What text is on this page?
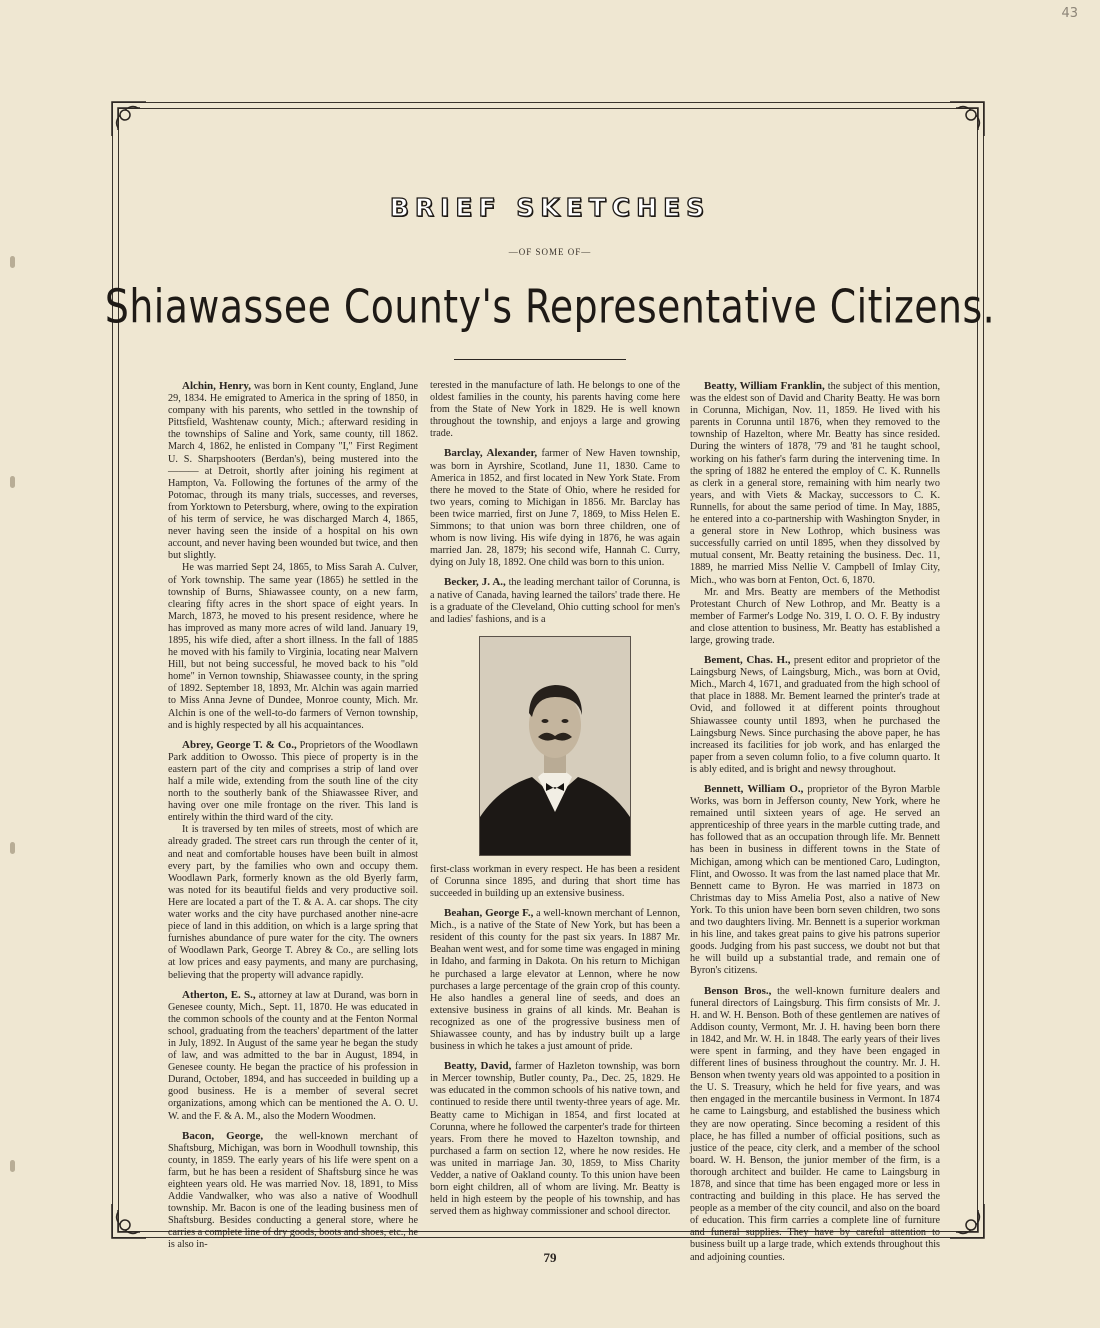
43
BRIEF SKETCHES
—OF SOME OF—
Shiawassee County's Representative Citizens.

Alchin, Henry, was born in Kent county, England, June 29, 1834. He emigrated to America in the spring of 1850, in company with his parents, who settled in the township of Pittsfield, Washtenaw county, Mich.; afterward residing in the townships of Saline and York, same county, till 1862. March 4, 1862, he enlisted in Company "I," First Regiment U. S. Sharpshooters (Berdan's), being mustered into the ——— at Detroit, shortly after joining his regiment at Hampton, Va. Following the fortunes of the army of the Potomac, through its many trials, successes, and reverses, from Yorktown to Petersburg, where, owing to the expiration of his term of service, he was discharged March 4, 1865, never having seen the inside of a hospital on his own account, and never having been wounded but twice, and then but slightly.

He was married Sept 24, 1865, to Miss Sarah A. Culver, of York township. The same year (1865) he settled in the township of Burns, Shiawassee county, on a new farm, clearing fifty acres in the short space of eight years. In March, 1873, he moved to his present residence, where he has improved as many more acres of wild land. January 19, 1895, his wife died, after a short illness. In the fall of 1885 he moved with his family to Virginia, locating near Malvern Hill, but not being successful, he moved back to his "old home" in Vernon township, Shiawassee county, in the spring of 1892. September 18, 1893, Mr. Alchin was again married to Miss Anna Jevne of Dundee, Monroe county, Mich. Mr. Alchin is one of the well-to-do farmers of Vernon township, and is highly respected by all his acquaintances.

Abrey, George T. & Co., Proprietors of the Woodlawn Park addition to Owosso. This piece of property is in the eastern part of the city and comprises a strip of land over half a mile wide, extending from the south line of the city north to the southerly bank of the Shiawassee River, and having over one mile frontage on the river. This land is entirely within the third ward of the city.

It is traversed by ten miles of streets, most of which are already graded. The street cars run through the center of it, and neat and comfortable houses have been built in almost every part, by the families who own and occupy them. Woodlawn Park, formerly known as the old Byerly farm, was noted for its beautiful fields and very productive soil. Here are located a part of the T. & A. A. car shops. The city water works and the city have purchased another nine-acre piece of land in this addition, on which is a large spring that furnishes abundance of pure water for the city. The owners of Woodlawn Park, George T. Abrey & Co., are selling lots at low prices and easy payments, and many are purchasing, believing that the property will advance rapidly.

Atherton, E. S., attorney at law at Durand, was born in Genesee county, Mich., Sept. 11, 1870. He was educated in the common schools of the county and at the Fenton Normal school, graduating from the teachers' department of the latter in July, 1892. In August of the same year he began the study of law, and was admitted to the bar in August, 1894, in Genesee county. He began the practice of his profession in Durand, October, 1894, and has succeeded in building up a good business. He is a member of several secret organizations, among which can be mentioned the A. O. U. W. and the F. & A. M., also the Modern Woodmen.

Bacon, George, the well-known merchant of Shaftsburg, Michigan, was born in Woodhull township, this county, in 1859. The early years of his life were spent on a farm, but he has been a resident of Shaftsburg since he was eighteen years old. He was married Nov. 18, 1891, to Miss Addie Vandwalker, who was also a native of Woodhull township. Mr. Bacon is one of the leading business men of Shaftsburg. Besides conducting a general store, where he carries a complete line of dry goods, boots and shoes, etc., he is also in-

terested in the manufacture of lath. He belongs to one of the oldest families in the county, his parents having come here from the State of New York in 1829. He is well known throughout the township, and enjoys a large and growing trade.

Barclay, Alexander, farmer of New Haven township, was born in Ayrshire, Scotland, June 11, 1830. Came to America in 1852, and first located in New York State. From there he moved to the State of Ohio, where he resided for two years, coming to Michigan in 1856. Mr. Barclay has been twice married, first on June 7, 1869, to Miss Helen E. Simmons; to that union was born three children, one of whom is now living. His wife dying in 1876, he was again married Jan. 28, 1879; his second wife, Hannah C. Curry, dying on July 18, 1892. One child was born to this union.

Becker, J. A., the leading merchant tailor of Corunna, is a native of Canada, having learned the tailors' trade there. He is a graduate of the Cleveland, Ohio cutting school for men's and ladies' fashions, and is a

first-class workman in every respect. He has been a resident of Corunna since 1895, and during that short time has succeeded in building up an extensive business.

Beahan, George F., a well-known merchant of Lennon, Mich., is a native of the State of New York, but has been a resident of this county for the past six years. In 1887 Mr. Beahan went west, and for some time was engaged in mining in Idaho, and farming in Dakota. On his return to Michigan he purchased a large elevator at Lennon, where he now purchases a large percentage of the grain crop of this county. He also handles a general line of seeds, and does an extensive business in grains of all kinds. Mr. Beahan is recognized as one of the progressive business men of Shiawassee county, and has by industry built up a large business in which he takes a just amount of pride.

Beatty, David, farmer of Hazleton township, was born in Mercer township, Butler county, Pa., Dec. 25, 1829. He was educated in the common schools of his native town, and continued to reside there until twenty-three years of age. Mr. Beatty came to Michigan in 1854, and first located at Corunna, where he followed the carpenter's trade for thirteen years. From there he moved to Hazelton township, and purchased a farm on section 12, where he now resides. He was united in marriage Jan. 30, 1859, to Miss Charity Vedder, a native of Oakland county. To this union have been born eight children, all of whom are living. Mr. Beatty is held in high esteem by the people of his township, and has served them as highway commissioner and school director.

Beatty, William Franklin, the subject of this mention, was the eldest son of David and Charity Beatty. He was born in Corunna, Michigan, Nov. 11, 1859. He lived with his parents in Corunna until 1876, when they removed to the township of Hazelton, where Mr. Beatty has since resided. During the winters of 1878, '79 and '81 he taught school, working on his father's farm during the intervening time. In the spring of 1882 he entered the employ of C. K. Runnells as clerk in a general store, remaining with him nearly two years, and with Viets & Mackay, successors to C. K. Runnells, for about the same period of time. In May, 1885, he entered into a co-partnership with Washington Snyder, in a general store in New Lothrop, which business was successfully carried on until 1895, when they dissolved by mutual consent, Mr. Beatty retaining the business. Dec. 11, 1889, he married Miss Nellie V. Campbell of Imlay City, Mich., who was born at Fenton, Oct. 6, 1870.

Mr. and Mrs. Beatty are members of the Methodist Protestant Church of New Lothrop, and Mr. Beatty is a member of Farmer's Lodge No. 319, I. O. O. F. By industry and close attention to business, Mr. Beatty has established a large, growing trade.

Bement, Chas. H., present editor and proprietor of the Laingsburg News, of Laingsburg, Mich., was born at Ovid, Mich., March 4, 1671, and graduated from the high school of that place in 1888. Mr. Bement learned the printer's trade at Ovid, and followed it at different points throughout Shiawassee county until 1893, when he purchased the Laingsburg News. Since purchasing the above paper, he has increased its facilities for job work, and has enlarged the paper from a seven column folio, to a five column quarto. It is ably edited, and is bright and newsy throughout.

Bennett, William O., proprietor of the Byron Marble Works, was born in Jefferson county, New York, where he remained until sixteen years of age. He served an apprenticeship of three years in the marble cutting trade, and has followed that as an occupation through life. Mr. Bennett has been in business in different towns in the State of Michigan, among which can be mentioned Caro, Ludington, Flint, and Owosso. It was from the last named place that Mr. Bennett came to Byron. He was married in 1873 on Christmas day to Miss Amelia Post, also a native of New York. To this union have been born seven children, two sons and two daughters living. Mr. Bennett is a superior workman in his line, and takes great pains to give his patrons superior goods. Judging from his past success, we doubt not but that he will build up a substantial trade, and remain one of Byron's citizens.

Benson Bros., the well-known furniture dealers and funeral directors of Laingsburg. This firm consists of Mr. J. H. and W. H. Benson. Both of these gentlemen are natives of Addison county, Vermont, Mr. J. H. having been born there in 1842, and Mr. W. H. in 1848. The early years of their lives were spent in farming, and they have been engaged in different lines of business throughout the country. Mr. J. H. Benson when twenty years old was appointed to a position in the U. S. Treasury, which he held for five years, and was then engaged in the mercantile business in Vermont. In 1874 he came to Laingsburg, and established the business which they are now operating. Since becoming a resident of this place, he has filled a number of official positions, such as justice of the peace, city clerk, and a member of the school board. W. H. Benson, the junior member of the firm, is a thorough architect and builder. He came to Laingsburg in 1878, and since that time has been engaged more or less in contracting and building in this place. He has served the people as a member of the city council, and also on the board of education. This firm carries a complete line of furniture and funeral supplies. They have by careful attention to business built up a large trade, which extends throughout this and adjoining counties.

79
